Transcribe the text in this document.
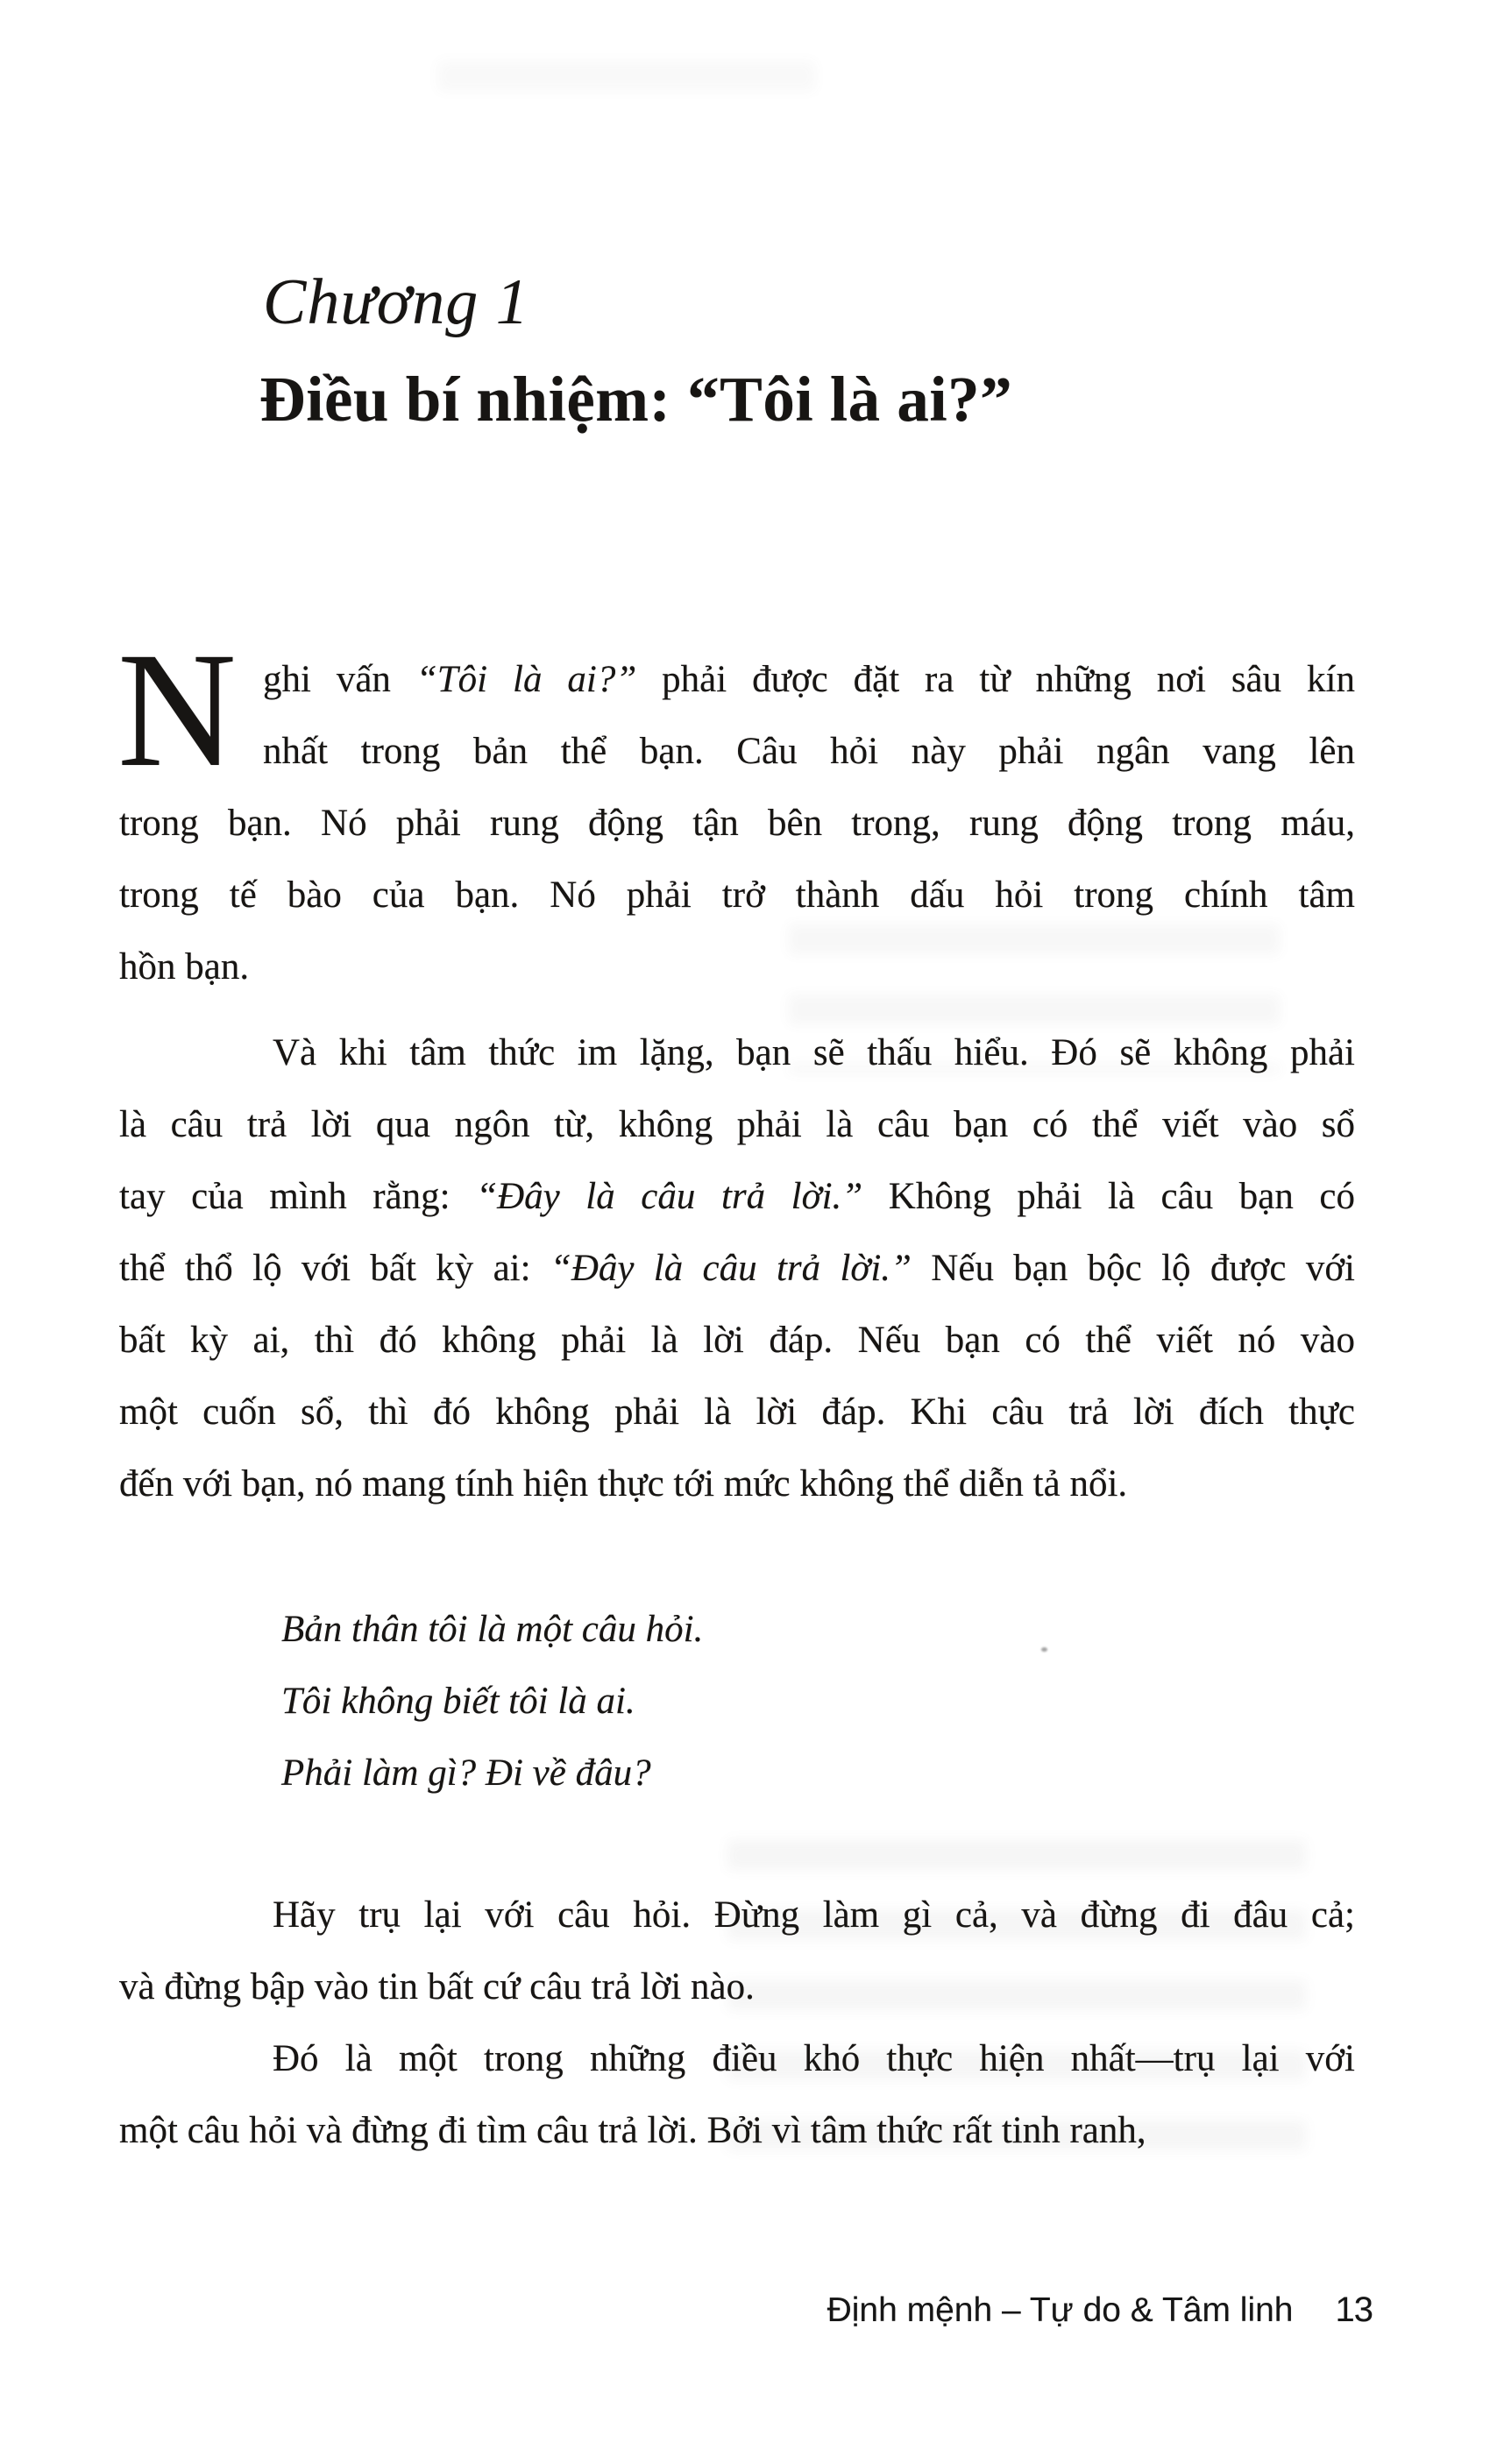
Chương 1
Điều bí nhiệm: “Tôi là ai?”
N ghi vấn “Tôi là ai?” phải được đặt ra từ những nơi sâu kín
nhất trong bản thể bạn. Câu hỏi này phải ngân vang lên
trong bạn. Nó phải rung động tận bên trong, rung động trong máu,
trong tế bào của bạn. Nó phải trở thành dấu hỏi trong chính tâm
hồn bạn.
Và khi tâm thức im lặng, bạn sẽ thấu hiểu. Đó sẽ không phải
là câu trả lời qua ngôn từ, không phải là câu bạn có thể viết vào sổ
tay của mình rằng: “Đây là câu trả lời.” Không phải là câu bạn có
thể thổ lộ với bất kỳ ai: “Đây là câu trả lời.” Nếu bạn bộc lộ được với
bất kỳ ai, thì đó không phải là lời đáp. Nếu bạn có thể viết nó vào
một cuốn sổ, thì đó không phải là lời đáp. Khi câu trả lời đích thực
đến với bạn, nó mang tính hiện thực tới mức không thể diễn tả nổi.
Bản thân tôi là một câu hỏi.
Tôi không biết tôi là ai.
Phải làm gì? Đi về đâu?
Hãy trụ lại với câu hỏi. Đừng làm gì cả, và đừng đi đâu cả;
và đừng bập vào tin bất cứ câu trả lời nào.
Đó là một trong những điều khó thực hiện nhất—trụ lại với
một câu hỏi và đừng đi tìm câu trả lời. Bởi vì tâm thức rất tinh ranh,
Định mệnh – Tự do & Tâm linh 13
